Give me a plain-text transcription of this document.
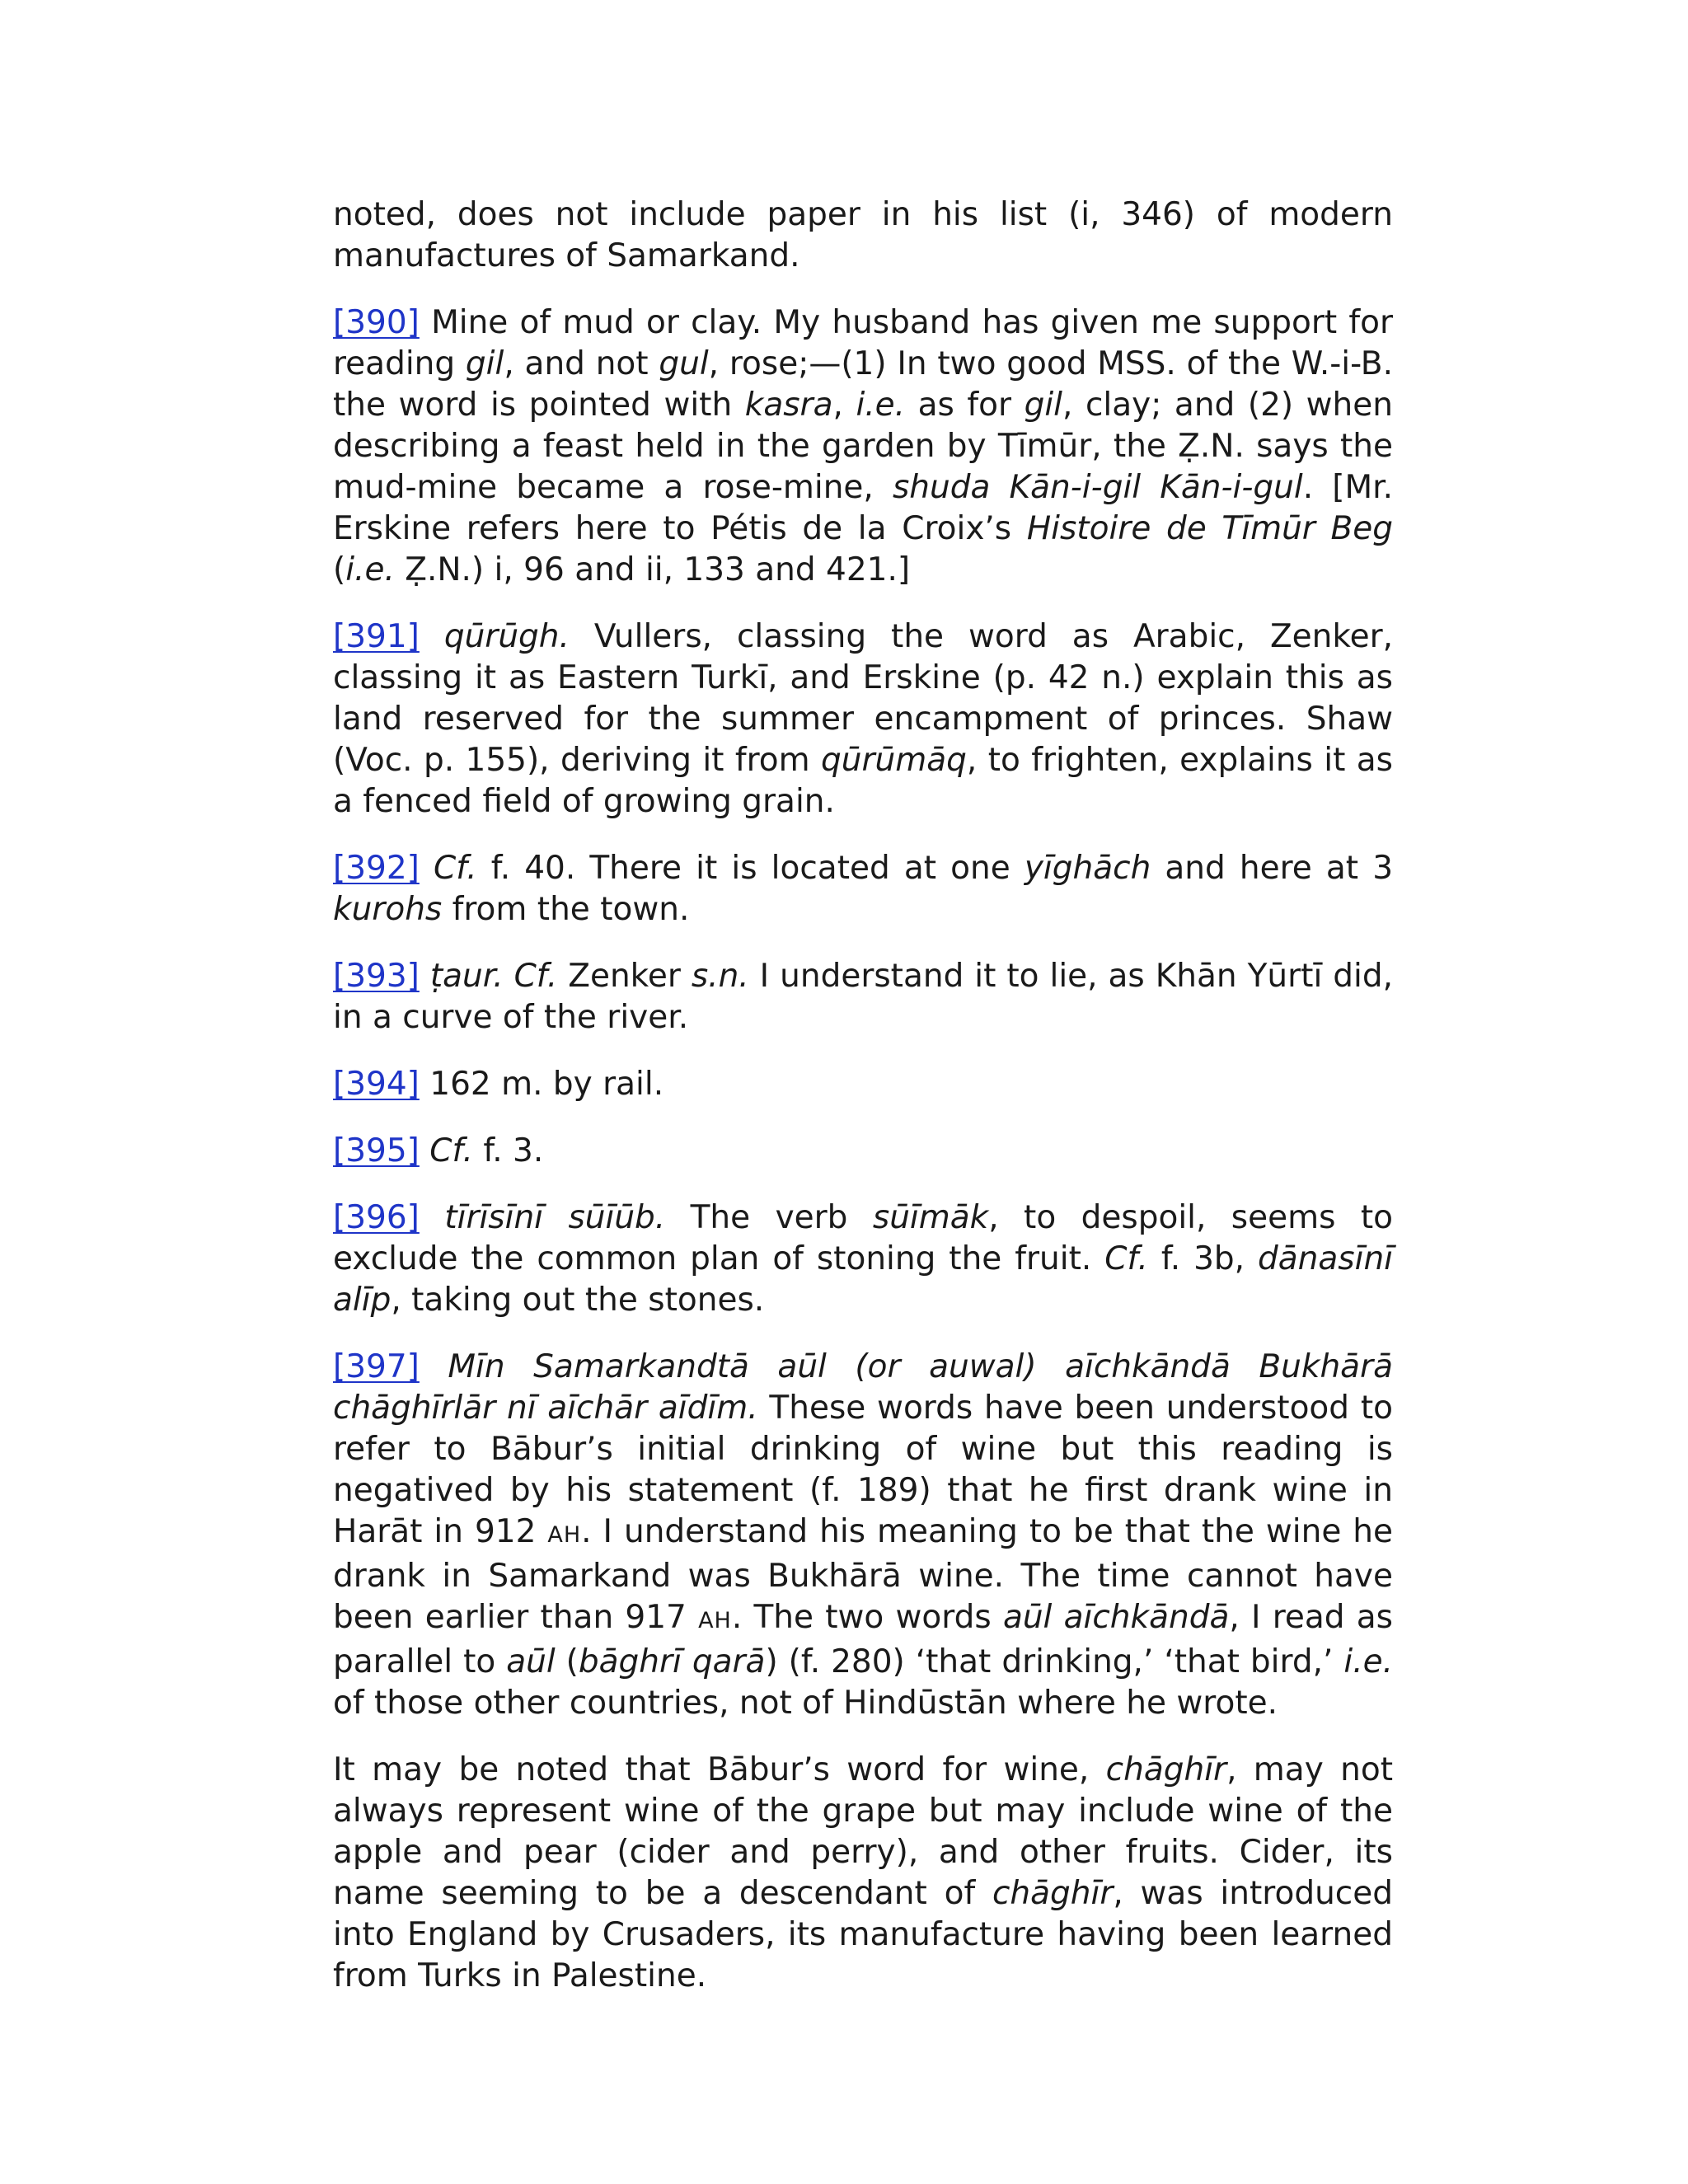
noted, does not include paper in his list (i, 346) of modern manufactures of Samarkand.

[390] Mine of mud or clay. My husband has given me support for reading gil, and not gul, rose;—(1) In two good MSS. of the W.-i-B. the word is pointed with kasra, i.e. as for gil, clay; and (2) when describing a feast held in the garden by Tīmūr, the Ẓ.N. says the mud-mine became a rose-mine, shuda Kān-i-gil Kān-i-gul. [Mr. Erskine refers here to Pétis de la Croix’s Histoire de Tīmūr Beg (i.e. Ẓ.N.) i, 96 and ii, 133 and 421.]

[391] qūrūgh. Vullers, classing the word as Arabic, Zenker, classing it as Eastern Turkī, and Erskine (p. 42 n.) explain this as land reserved for the summer encampment of princes. Shaw (Voc. p. 155), deriving it from qūrūmāq, to frighten, explains it as a fenced field of growing grain.

[392] Cf. f. 40. There it is located at one yīghāch and here at 3 kurohs from the town.

[393] ṭaur. Cf. Zenker s.n. I understand it to lie, as Khān Yūrtī did, in a curve of the river.

[394] 162 m. by rail.

[395] Cf. f. 3.

[396] tīrīsīnī sūīūb. The verb sūīmāk, to despoil, seems to exclude the common plan of stoning the fruit. Cf. f. 3b, dānasīnī alīp, taking out the stones.

[397] Mīn Samarkandtā aūl (or auwal) aīchkāndā Bukhārā chāghīrlār nī aīchār aīdīm. These words have been understood to refer to Bābur’s initial drinking of wine but this reading is negatived by his statement (f. 189) that he first drank wine in Harāt in 912 AH. I understand his meaning to be that the wine he drank in Samarkand was Bukhārā wine. The time cannot have been earlier than 917 AH. The two words aūl aīchkāndā, I read as parallel to aūl (bāghrī qarā) (f. 280) ‘that drinking,’ ‘that bird,’ i.e. of those other countries, not of Hindūstān where he wrote.

It may be noted that Bābur’s word for wine, chāghīr, may not always represent wine of the grape but may include wine of the apple and pear (cider and perry), and other fruits. Cider, its name seeming to be a descendant of chāghīr, was introduced into England by Crusaders, its manufacture having been learned from Turks in Palestine.
